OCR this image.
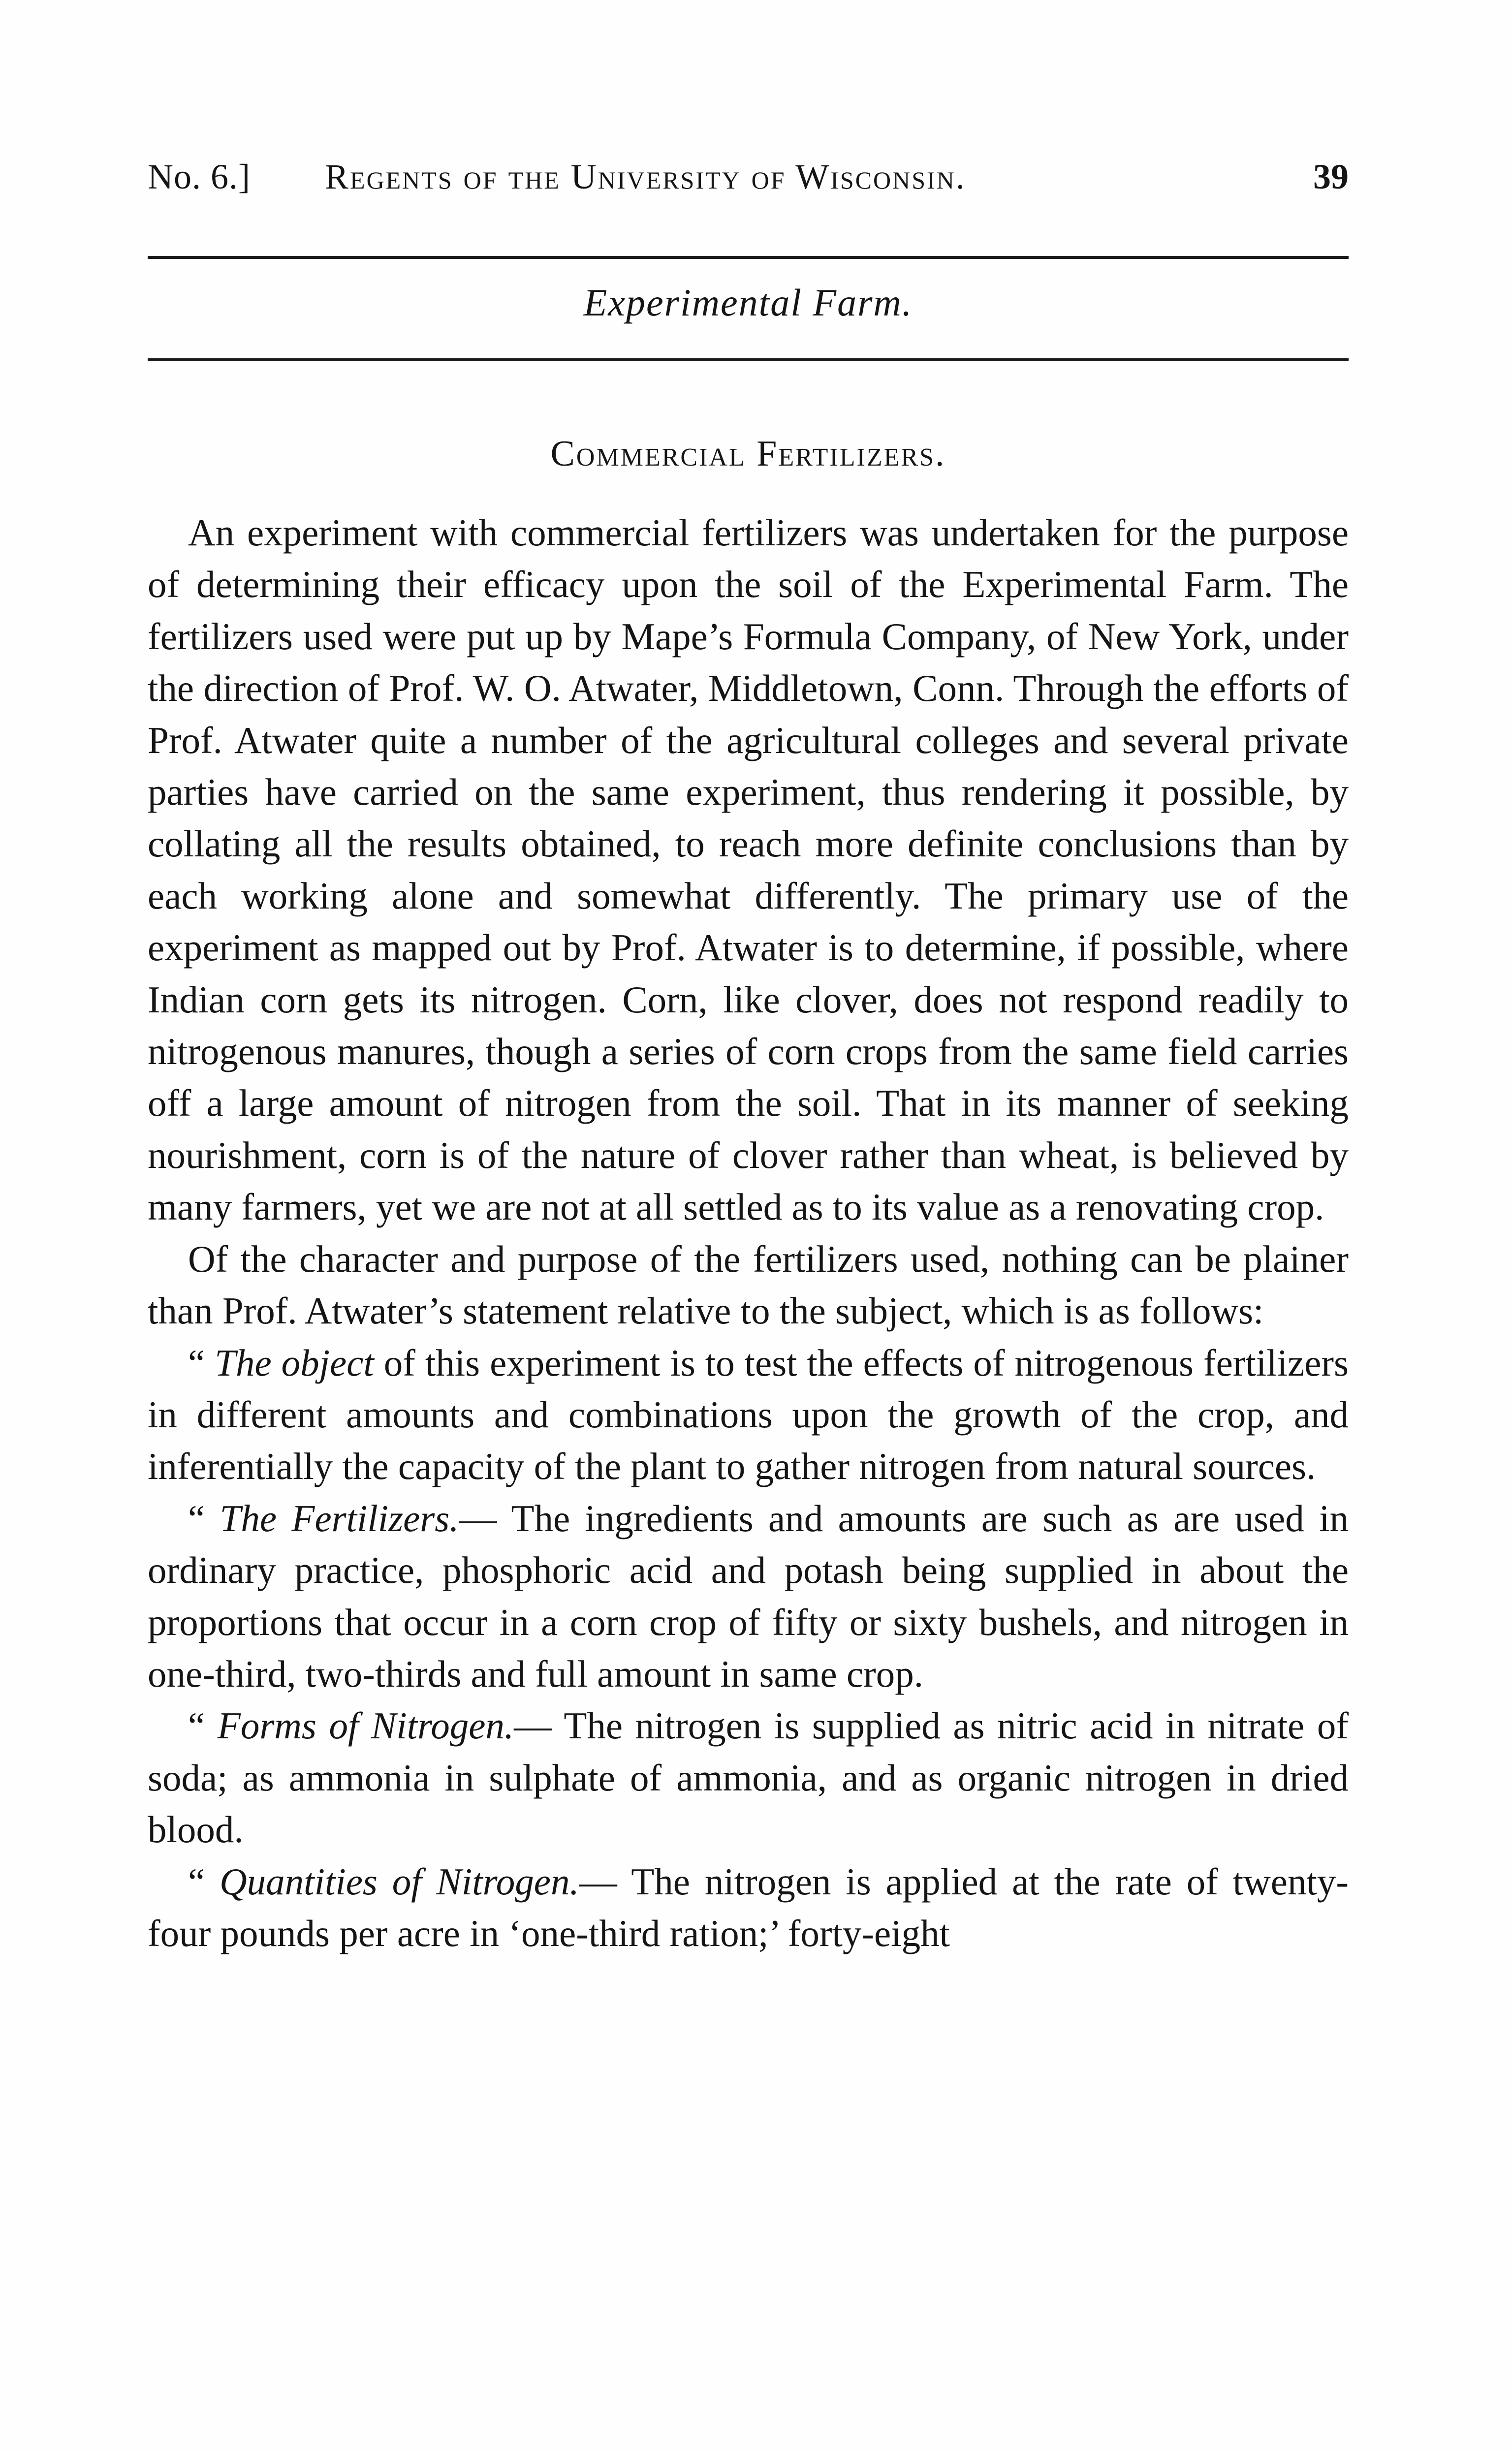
No. 6.] Regents of the University of Wisconsin.	39
Experimental Farm.
Commercial Fertilizers.

An experiment with commercial fertilizers was undertaken for the purpose of determining their efficacy upon the soil of the Experimental Farm. The fertilizers used were put up by Mape’s Formula Company, of New York, under the direction of Prof. W. O. Atwater, Middletown, Conn. Through the efforts of Prof. Atwater quite a number of the agricultural colleges and several private parties have carried on the same experiment, thus rendering it possible, by collating all the results obtained, to reach more definite conclusions than by each working alone and somewhat differently. The primary use of the experiment as mapped out by Prof. Atwater is to determine, if possible, where Indian corn gets its nitrogen. Corn, like clover, does not respond readily to nitrogenous manures, though a series of corn crops from the same field carries off a large amount of nitrogen from the soil. That in its manner of seeking nourishment, corn is of the nature of clover rather than wheat, is believed by many farmers, yet we are not at all settled as to its value as a renovating crop.

Of the character and purpose of the fertilizers used, nothing can be plainer than Prof. Atwater’s statement relative to the subject, which is as follows:

“ The object of this experiment is to test the effects of nitrogenous fertilizers in different amounts and combinations upon the growth of the crop, and inferentially the capacity of the plant to gather nitrogen from natural sources.

“ The Fertilizers.— The ingredients and amounts are such as are used in ordinary practice, phosphoric acid and potash being supplied in about the proportions that occur in a corn crop of fifty or sixty bushels, and nitrogen in one-third, two-thirds and full amount in same crop.

“ Forms of Nitrogen.— The nitrogen is supplied as nitric acid in nitrate of soda; as ammonia in sulphate of ammonia, and as organic nitrogen in dried blood.

“ Quantities of Nitrogen.— The nitrogen is applied at the rate of twenty-four pounds per acre in ‘one-third ration;’ forty-eight
